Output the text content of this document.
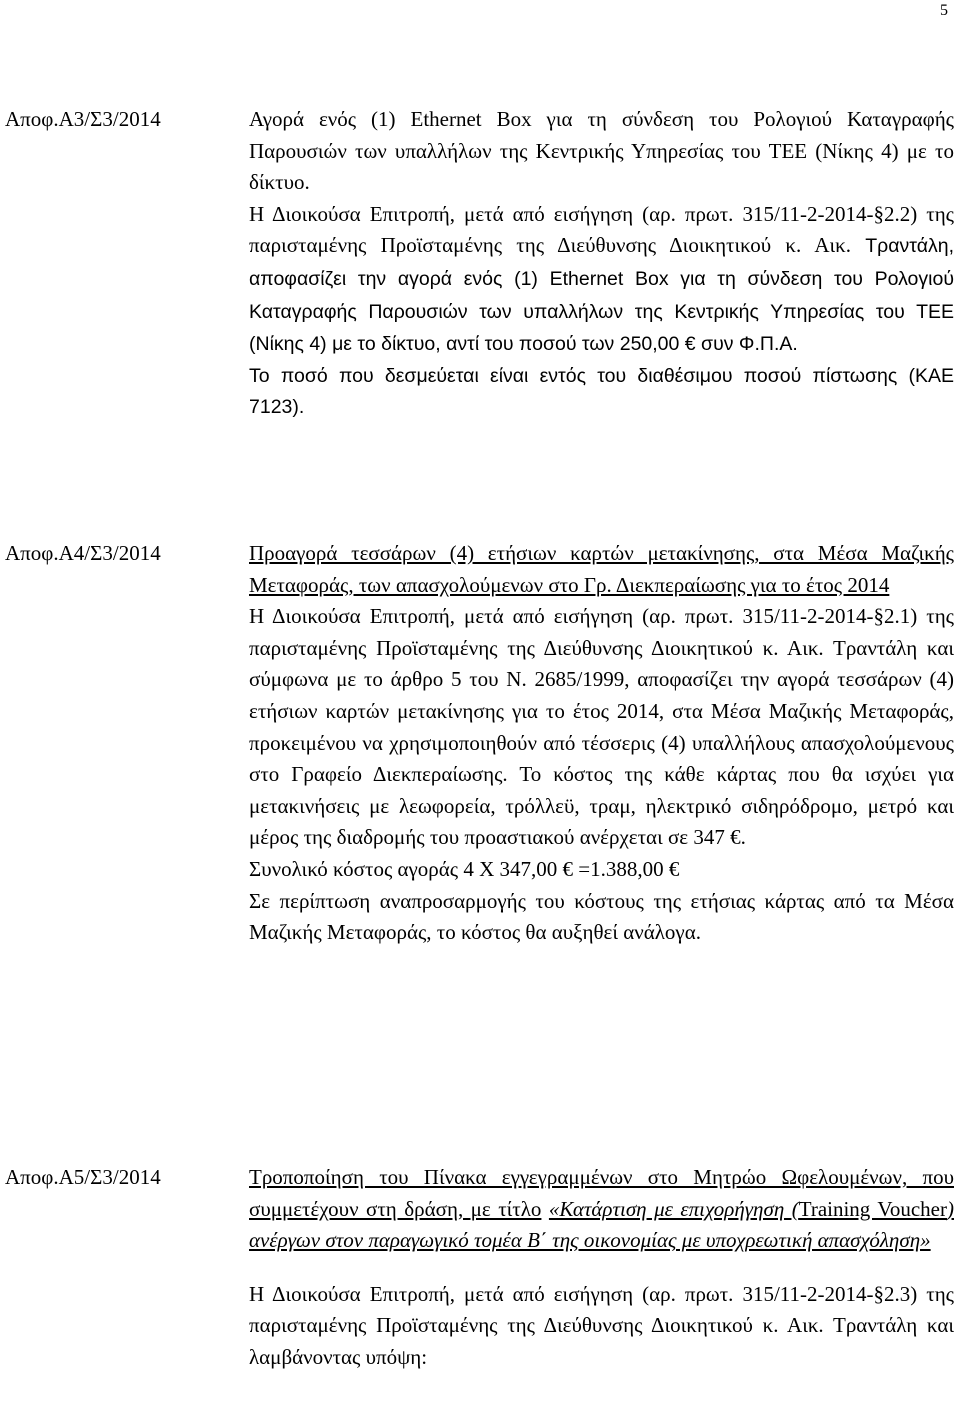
5
Αποφ.Α3/Σ3/2014	Αγορά ενός (1) Ethernet Box για τη σύνδεση του Ρολογιού Καταγραφής Παρουσιών των υπαλλήλων της Κεντρικής Υπηρεσίας του ΤΕΕ (Νίκης 4) με το δίκτυο.
Η Διοικούσα Επιτροπή, μετά από εισήγηση (αρ. πρωτ. 315/11-2-2014-§2.2) της παρισταμένης Προϊσταμένης της Διεύθυνσης Διοικητικού κ. Αικ. Τραντάλη, αποφασίζει την αγορά ενός (1) Ethernet Box για τη σύνδεση του Ρολογιού Καταγραφής Παρουσιών των υπαλλήλων της Κεντρικής Υπηρεσίας του ΤΕΕ (Νίκης 4) με το δίκτυο, αντί του ποσού των 250,00 € συν Φ.Π.Α.
Το ποσό που δεσμεύεται είναι εντός του διαθέσιμου ποσού πίστωσης (ΚΑΕ 7123).
Αποφ.Α4/Σ3/2014	Προαγορά τεσσάρων (4) ετήσιων καρτών μετακίνησης, στα Μέσα Μαζικής Μεταφοράς, των απασχολούμενων στο Γρ. Διεκπεραίωσης για το έτος 2014
Η Διοικούσα Επιτροπή, μετά από εισήγηση (αρ. πρωτ. 315/11-2-2014-§2.1) της παρισταμένης Προϊσταμένης της Διεύθυνσης Διοικητικού κ. Αικ. Τραντάλη και σύμφωνα με το άρθρο 5 του Ν. 2685/1999, αποφασίζει την αγορά τεσσάρων (4) ετήσιων καρτών μετακίνησης για το έτος 2014, στα Μέσα Μαζικής Μεταφοράς, προκειμένου να χρησιμοποιηθούν από τέσσερις (4) υπαλλήλους απασχολούμενους στο Γραφείο Διεκπεραίωσης. Το κόστος της κάθε κάρτας που θα ισχύει για μετακινήσεις με λεωφορεία, τρόλλεϋ, τραμ, ηλεκτρικό σιδηρόδρομο, μετρό και μέρος της διαδρομής του προαστιακού ανέρχεται σε 347 €.
Συνολικό κόστος αγοράς 4 Χ 347,00 € =1.388,00 €
Σε περίπτωση αναπροσαρμογής του κόστους της ετήσιας κάρτας από τα Μέσα Μαζικής Μεταφοράς, το κόστος θα αυξηθεί ανάλογα.
Αποφ.Α5/Σ3/2014	Τροποποίηση του Πίνακα εγγεγραμμένων στο Μητρώο Ωφελουμένων, που συμμετέχουν στη δράση, με τίτλο «Κατάρτιση με επιχορήγηση (Training Voucher) ανέργων στον παραγωγικό τομέα Β΄ της οικονομίας με υποχρεωτική απασχόληση»
Η Διοικούσα Επιτροπή, μετά από εισήγηση (αρ. πρωτ. 315/11-2-2014-§2.3) της παρισταμένης Προϊσταμένης της Διεύθυνσης Διοικητικού κ. Αικ. Τραντάλη και λαμβάνοντας υπόψη:
